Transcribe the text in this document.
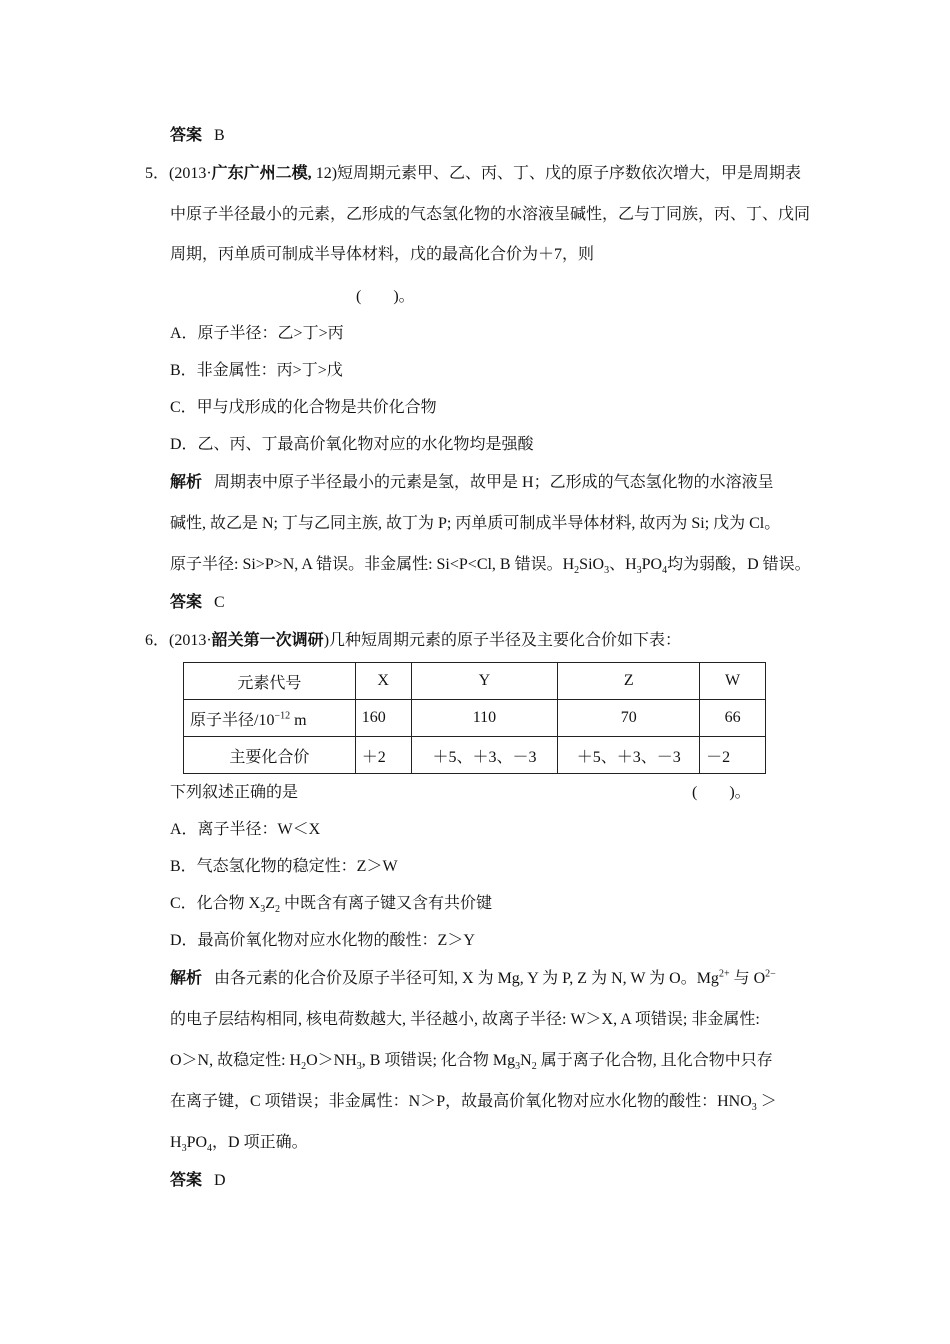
答案 B
5．(2013·广东广州二模, 12)短周期元素甲、乙、丙、丁、戊的原子序数依次增大，甲是周期表
中原子半径最小的元素，乙形成的气态氢化物的水溶液呈碱性，乙与丁同族，丙、丁、戊同
周期，丙单质可制成半导体材料，戊的最高化合价为＋7，则
(　　)。
A．原子半径：乙>丁>丙
B．非金属性：丙>丁>戊
C．甲与戊形成的化合物是共价化合物
D．乙、丙、丁最高价氧化物对应的水化物均是强酸
解析 周期表中原子半径最小的元素是氢，故甲是 H；乙形成的气态氢化物的水溶液呈
碱性, 故乙是 N; 丁与乙同主族, 故丁为 P; 丙单质可制成半导体材料, 故丙为 Si; 戊为 Cl。
原子半径: Si>P>N, A 错误。非金属性: Si<P<Cl, B 错误。$H_2SiO_3$、$H_3PO_4$均为弱酸，D 错误。
答案 C
6．(2013·韶关第一次调研)几种短周期元素的原子半径及主要化合价如下表：
元素代号	X	Y	Z	W
原子半径$/10^{-12}$ m	160	110	70	66
主要化合价	＋2	＋5、＋3、－3	＋5、＋3、－3	－2
下列叙述正确的是	(　　)。
A．离子半径：W＜X
B．气态氢化物的稳定性：Z＞W
C．化合物 $X_3Z_2$ 中既含有离子键又含有共价键
D．最高价氧化物对应水化物的酸性：Z＞Y
解析 由各元素的化合价及原子半径可知, X 为 Mg, Y 为 P, Z 为 N, W 为 O。$Mg^{2+}$ 与 $O^{2-}$
的电子层结构相同, 核电荷数越大, 半径越小, 故离子半径: W＞X, A 项错误; 非金属性:
O＞N, 故稳定性: $H_2O>NH_3$, B 项错误; 化合物 $Mg_3N_2$ 属于离子化合物, 且化合物中只存
在离子键，C 项错误；非金属性：N＞P，故最高价氧化物对应水化物的酸性：$HNO_3$ ＞
$H_3PO_4$，D 项正确。
答案 D
